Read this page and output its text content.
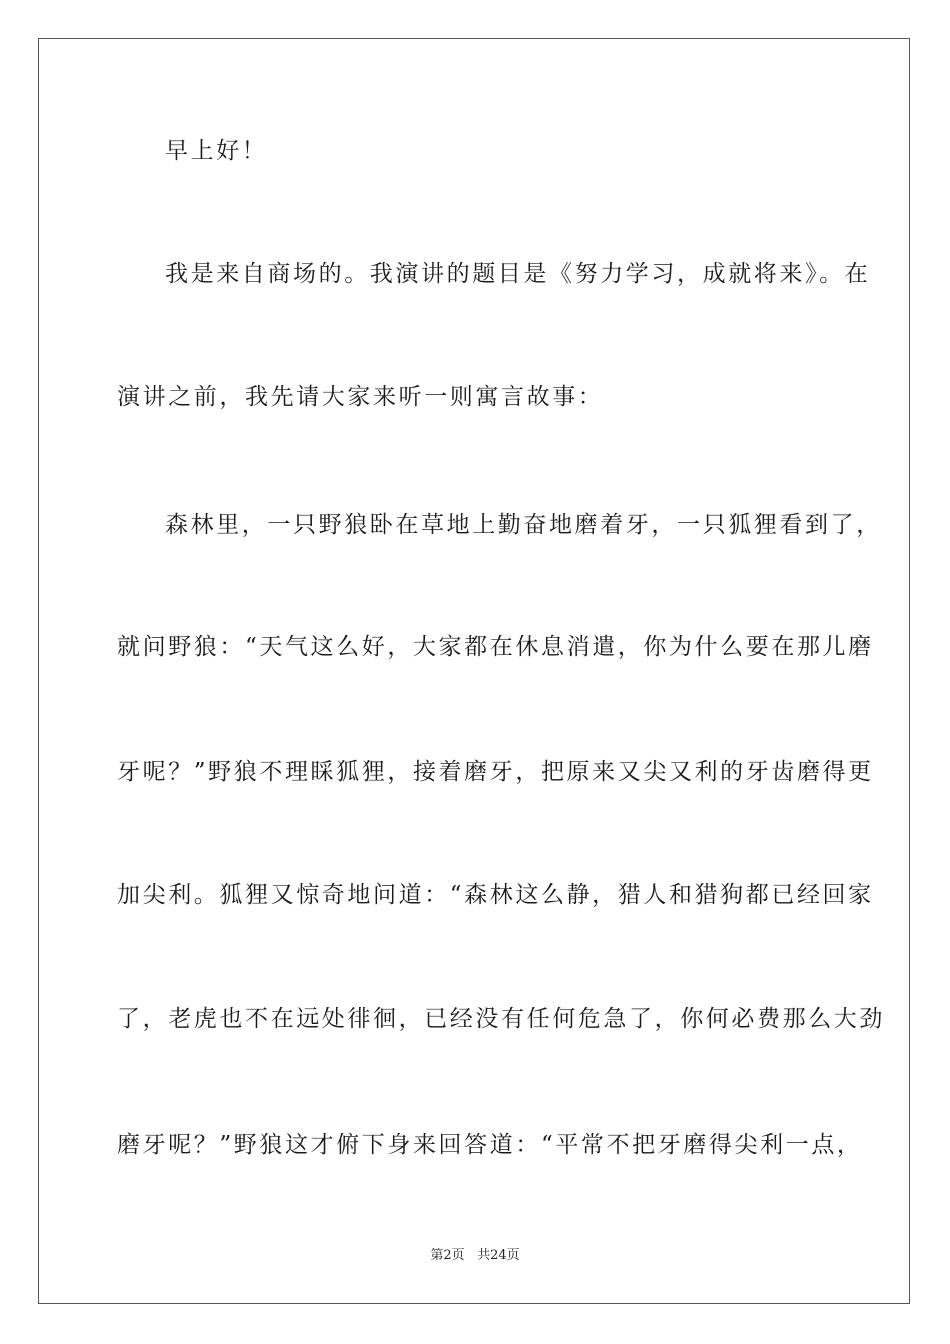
早上好！
我是来自商场的。我演讲的题目是《努力学习，成就将来》。在
演讲之前，我先请大家来听一则寓言故事：
森林里，一只野狼卧在草地上勤奋地磨着牙，一只狐狸看到了，
就问野狼：“天气这么好，大家都在休息消遣，你为什么要在那儿磨
牙呢？”野狼不理睬狐狸，接着磨牙，把原来又尖又利的牙齿磨得更
加尖利。狐狸又惊奇地问道：“森林这么静，猎人和猎狗都已经回家
了，老虎也不在远处徘徊，已经没有任何危急了，你何必费那么大劲
磨牙呢？”野狼这才俯下身来回答道：“平常不把牙磨得尖利一点，
第2页 共24页
